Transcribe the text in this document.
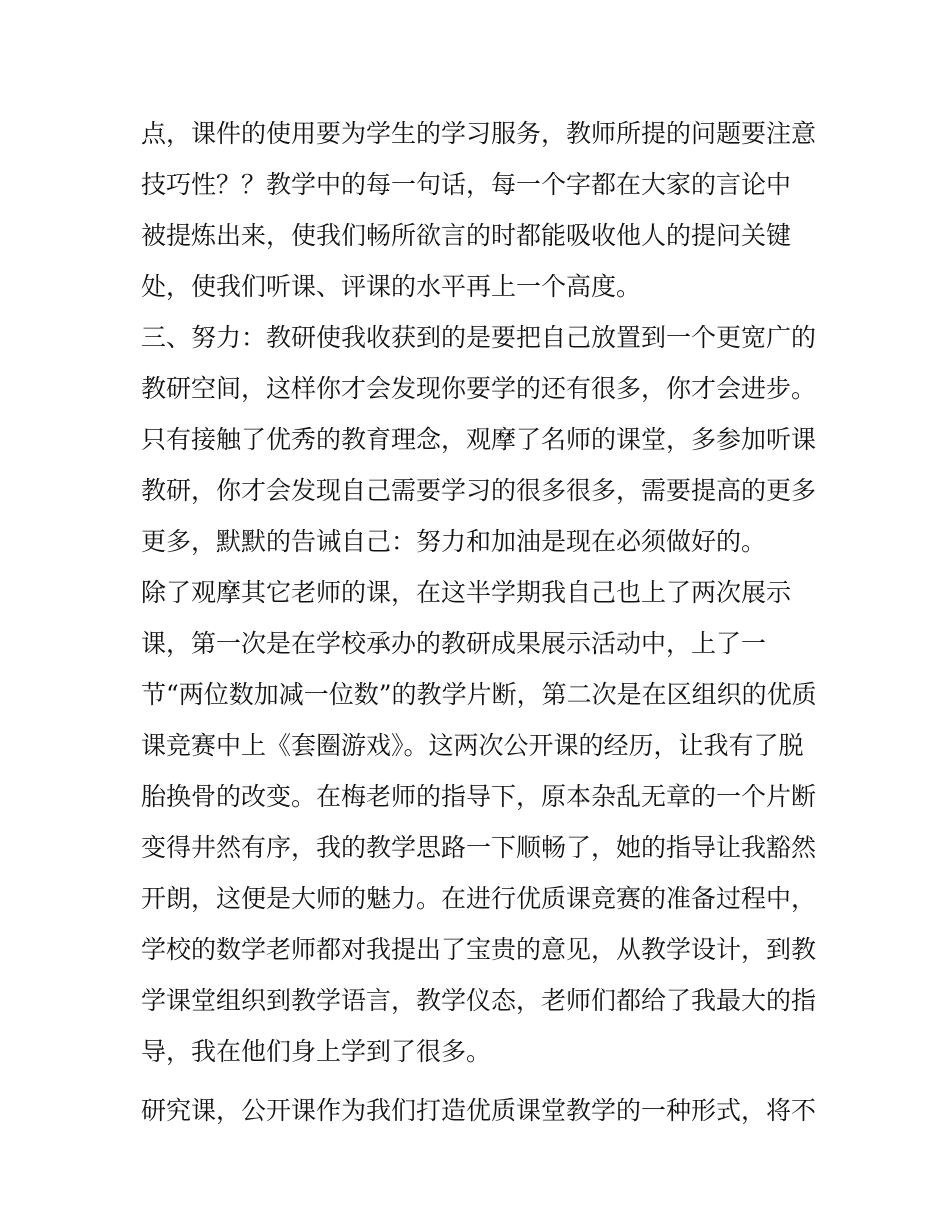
点，课件的使用要为学生的学习服务，教师所提的问题要注意
技巧性？？教学中的每一句话，每一个字都在大家的言论中
被提炼出来，使我们畅所欲言的时都能吸收他人的提问关键
处，使我们听课、评课的水平再上一个高度。
三、努力：教研使我收获到的是要把自己放置到一个更宽广的
教研空间，这样你才会发现你要学的还有很多，你才会进步。
只有接触了优秀的教育理念，观摩了名师的课堂，多参加听课
教研，你才会发现自己需要学习的很多很多，需要提高的更多
更多，默默的告诫自己：努力和加油是现在必须做好的。
除了观摩其它老师的课，在这半学期我自己也上了两次展示
课，第一次是在学校承办的教研成果展示活动中，上了一
节“两位数加减一位数”的教学片断，第二次是在区组织的优质
课竞赛中上《套圈游戏》。这两次公开课的经历，让我有了脱
胎换骨的改变。在梅老师的指导下，原本杂乱无章的一个片断
变得井然有序，我的教学思路一下顺畅了，她的指导让我豁然
开朗，这便是大师的魅力。在进行优质课竞赛的准备过程中，
学校的数学老师都对我提出了宝贵的意见，从教学设计，到教
学课堂组织到教学语言，教学仪态，老师们都给了我最大的指
导，我在他们身上学到了很多。
研究课，公开课作为我们打造优质课堂教学的一种形式，将不
